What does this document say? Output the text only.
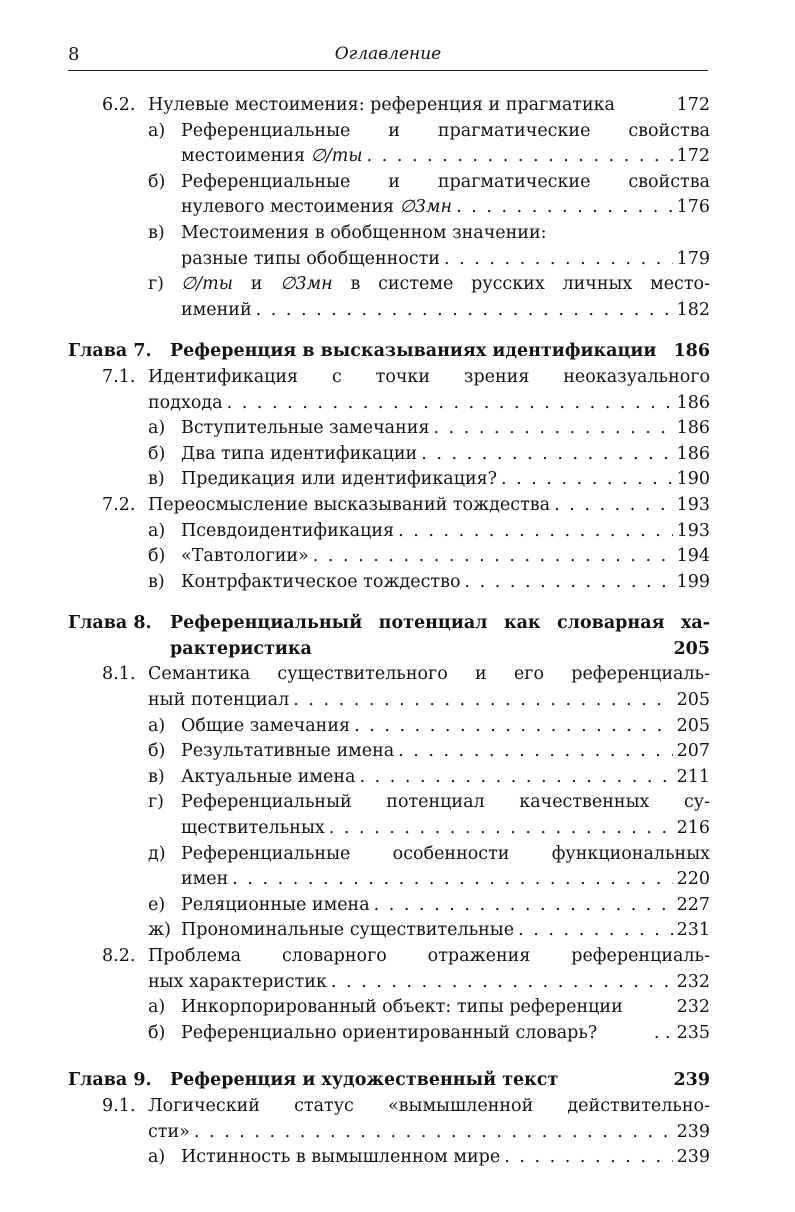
8	Оглавление
6.2. Нулевые местоимения: референция и прагматика	172
а) Референциальные и прагматические свойства
местоимения ∅/ты . . .	172
б) Референциальные и прагматические свойства
нулевого местоимения ∅3мн . . .	176
в) Местоимения в обобщенном значении:
разные типы обобщенности . . .	179
г) ∅/ты и ∅3мн в системе русских личных место-
имений . . .	182
Глава 7. Референция в высказываниях идентификации 186
7.1. Идентификация с точки зрения неоказуального
подхода . . .	186
а) Вступительные замечания . . .	186
б) Два типа идентификации . . .	186
в) Предикация или идентификация? . . .	190
7.2. Переосмысление высказываний тождества . . .	193
а) Псевдоидентификация . . .	193
б) «Тавтологии» . . .	194
в) Контрфактическое тождество . . .	199
Глава 8. Референциальный потенциал как словарная ха-
рактеристика	205
8.1. Семантика существительного и его референциаль-
ный потенциал . . .	205
а) Общие замечания . . .	205
б) Результативные имена . . .	207
в) Актуальные имена . . .	211
г) Референциальный потенциал качественных су-
ществительных . . .	216
д) Референциальные особенности функциональных
имен . . .	220
е) Реляционные имена . . .	227
ж) Прономинальные существительные . . .	231
8.2. Проблема словарного отражения референциаль-
ных характеристик . . .	232
а) Инкорпорированный объект: типы референции	232
б) Референциально ориентированный словарь?	. . 235
Глава 9. Референция и художественный текст	239
9.1. Логический статус «вымышленной действительно-
сти» . . .	239
а) Истинность в вымышленном мире . . .	239
